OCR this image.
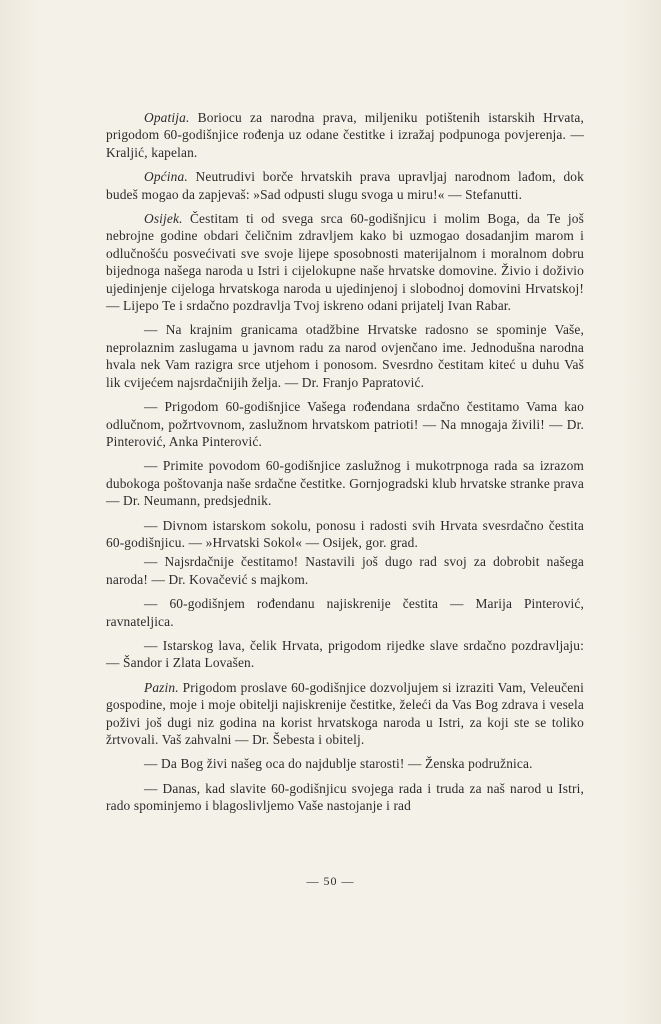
Opatija. Boriocu za narodna prava, miljeniku potištenih istarskih Hrvata, prigodom 60-godišnjice rođenja uz odane čestitke i izražaj podpunoga povjerenja. — Kraljić, kapelan.

Općina. Neutrudivi borče hrvatskih prava upravljaj narodnom lađom, dok budeš mogao da zapjevaš: »Sad odpusti slugu svoga u miru!« — Stefanutti.

Osijek. Čestitam ti od svega srca 60-godišnjicu i molim Boga, da Te još nebrojne godine obdari čeličnim zdravljem kako bi uzmogao dosadanjim marom i odlučnošću posvećivati sve svoje lijepe sposobnosti materijalnom i moralnom dobru bijednoga našega naroda u Istri i cijelokupne naše hrvatske domovine. Živio i doživio ujedinjenje cijeloga hrvatskoga naroda u ujedinjenoj i slobodnoj domovini Hrvatskoj! — Lijepo Te i srdačno pozdravlja Tvoj iskreno odani prijatelj Ivan Rabar.

— Na krajnim granicama otadžbine Hrvatske radosno se spominje Vaše, neprolaznim zaslugama u javnom radu za narod ovjenčano ime. Jednodušna narodna hvala nek Vam razigra srce utjehom i ponosom. Svesrdno čestitam kiteć u duhu Vaš lik cvijećem najsrdačnijih želja. — Dr. Franjo Papratović.

— Prigodom 60-godišnjice Vašega rođendana srdačno čestitamo Vama kao odlučnom, požrtvovnom, zaslužnom hrvatskom patrioti! — Na mnogaja živili! — Dr. Pinterović, Anka Pinterović.

— Primite povodom 60-godišnjice zaslužnog i mukotrpnoga rada sa izrazom dubokoga poštovanja naše srdačne čestitke. Gornjogradski klub hrvatske stranke prava — Dr. Neumann, predsjednik.

— Divnom istarskom sokolu, ponosu i radosti svih Hrvata svesrdačno čestita 60-godišnjicu. — »Hrvatski Sokol« — Osijek, gor. grad.

— Najsrdačnije čestitamo! Nastavili još dugo rad svoj za dobrobit našega naroda! — Dr. Kovačević s majkom.

— 60-godišnjem rođendanu najiskrenije čestita — Marija Pinterović, ravnateljica.

— Istarskog lava, čelik Hrvata, prigodom rijedke slave srdačno pozdravljaju: — Šandor i Zlata Lovašen.

Pazin. Prigodom proslave 60-godišnjice dozvoljujem si izraziti Vam, Veleučeni gospodine, moje i moje obitelji najiskrenije čestitke, želeći da Vas Bog zdrava i vesela poživi još dugi niz godina na korist hrvatskoga naroda u Istri, za koji ste se toliko žrtvovali. Vaš zahvalni — Dr. Šebesta i obitelj.

— Da Bog živi našeg oca do najdublje starosti! — Ženska podružnica.

— Danas, kad slavite 60-godišnjicu svojega rada i truda za naš narod u Istri, rado spominjemo i blagoslivljemo Vaše nastojanje i rad

— 50 —
